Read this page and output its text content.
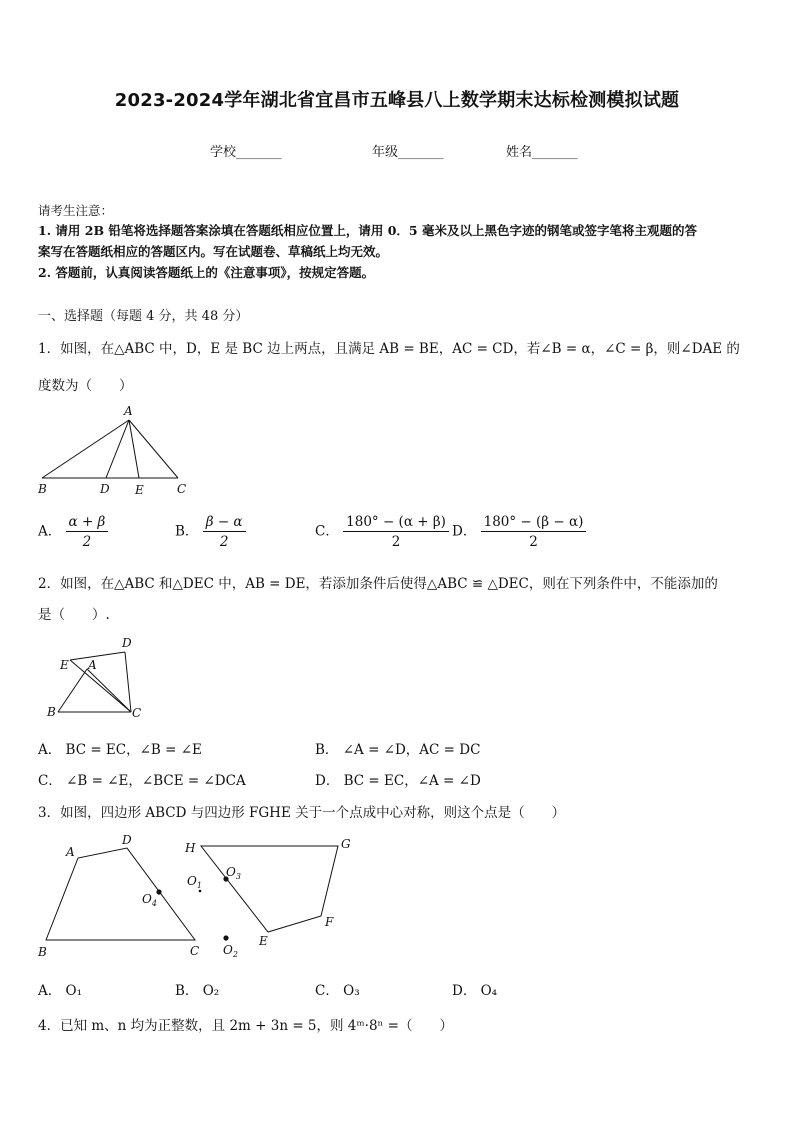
2023-2024学年湖北省宜昌市五峰县八上数学期末达标检测模拟试题
学校_______	年级_______	姓名_______
请考生注意：
1. 请用 2B 铅笔将选择题答案涂填在答题纸相应位置上，请用 0．5 毫米及以上黑色字迹的钢笔或签字笔将主观题的答
案写在答题纸相应的答题区内。写在试题卷、草稿纸上均无效。
2. 答题前，认真阅读答题纸上的《注意事项》，按规定答题。
一、选择题（每题 4 分，共 48 分）
1．如图，在△ABC 中，D，E 是 BC 边上两点，且满足 AB = BE，AC = CD，若∠B = α，∠C = β，则∠DAE 的
度数为（　　）
A
B	D E	C
A． $\frac{\alpha + \beta}{2}$	B． $\frac{\beta - \alpha}{2}$	C． $\frac{180^\circ - (\alpha + \beta)}{2}$ D． $\frac{180^\circ - (\beta - \alpha)}{2}$
2．如图，在△ABC 和△DEC 中，AB = DE，若添加条件后使得△ABC ≌ △DEC，则在下列条件中，不能添加的
是（　　）.
D
E A
B	C
A． BC = EC，∠B = ∠E	B． ∠A = ∠D，AC = DC
C． ∠B = ∠E，∠BCE = ∠DCA	D． BC = EC，∠A = ∠D
3．如图，四边形 ABCD 与四边形 FGHE 关于一个点成中心对称，则这个点是（　　）
A
D
B	C
H	G
F
E
$O_4$
$O_3$
$O_1$
$O_2$
A． O₁	B． O₂	C． O₃	D． O₄
4．已知 m、n 均为正整数，且 2m + 3n = 5，则 4ᵐ·8ⁿ =（　　）
